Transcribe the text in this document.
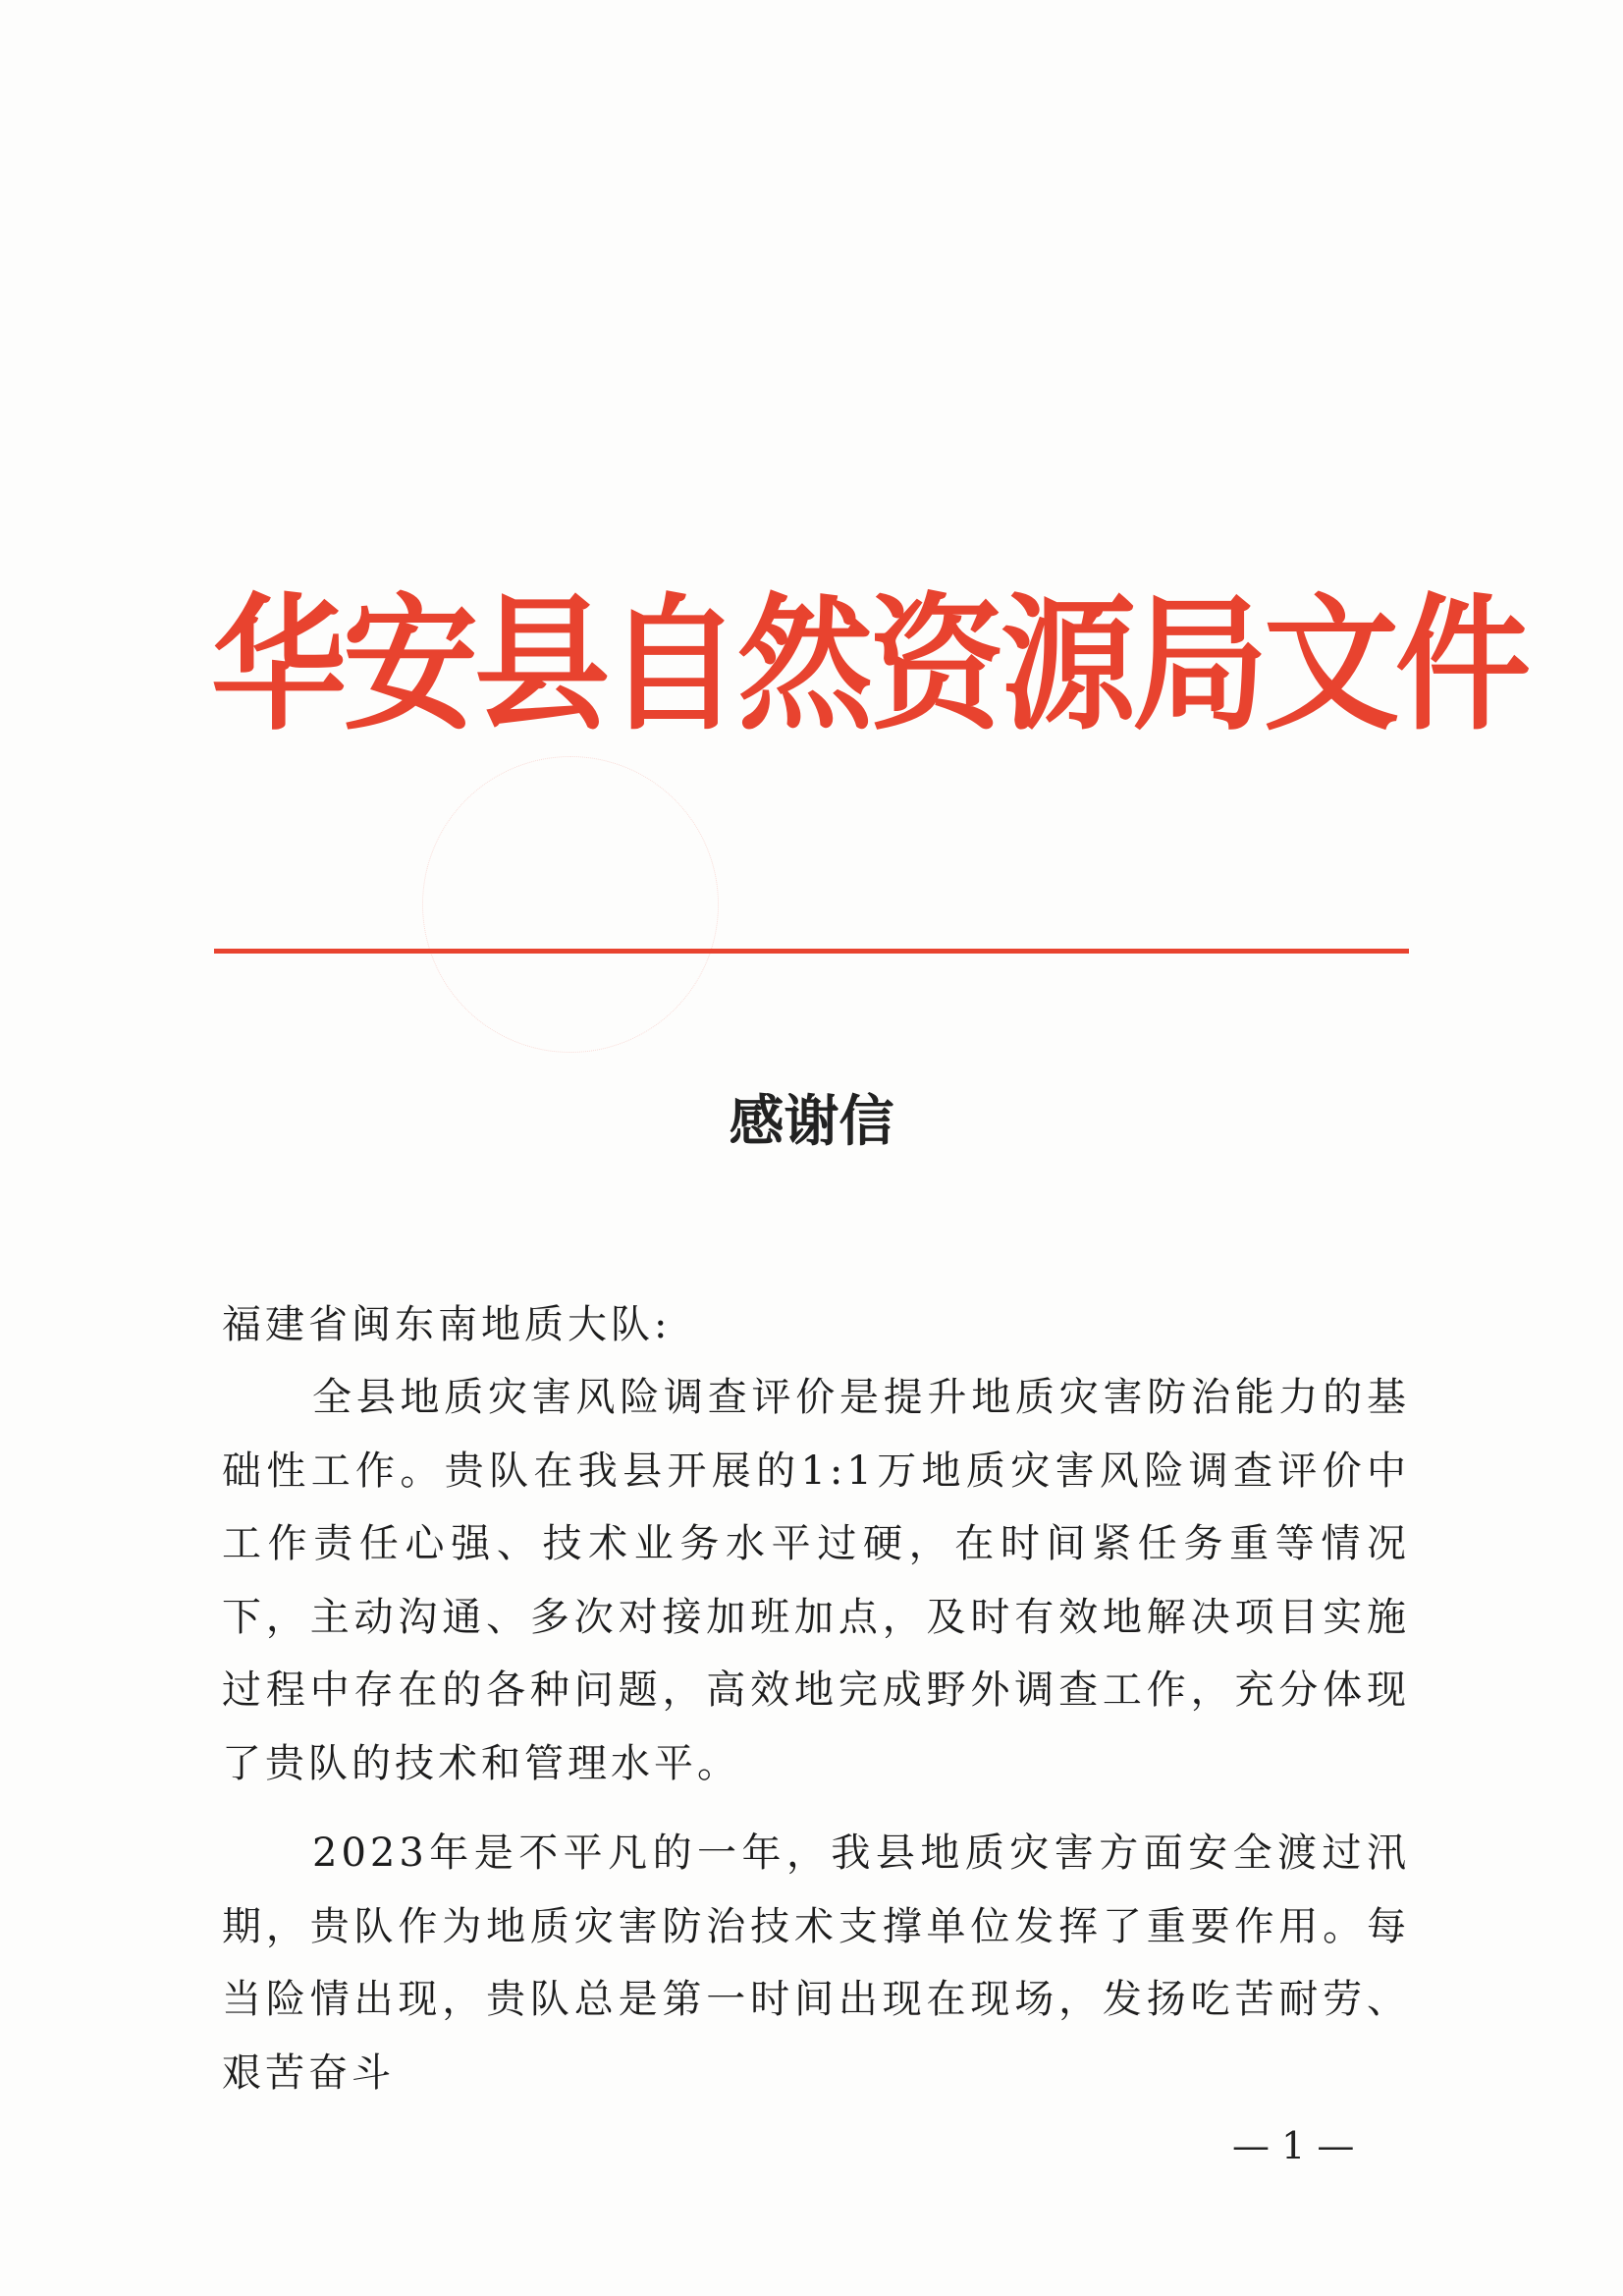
华安县自然资源局文件
感谢信

福建省闽东南地质大队:

全县地质灾害风险调查评价是提升地质灾害防治能力的基础性工作。贵队在我县开展的1:1万地质灾害风险调查评价中工作责任心强、技术业务水平过硬，在时间紧任务重等情况下，主动沟通、多次对接加班加点，及时有效地解决项目实施过程中存在的各种问题，高效地完成野外调查工作，充分体现了贵队的技术和管理水平。

2023年是不平凡的一年，我县地质灾害方面安全渡过汛期，贵队作为地质灾害防治技术支撑单位发挥了重要作用。每当险情出现，贵队总是第一时间出现在现场，发扬吃苦耐劳、艰苦奋斗

— 1 —
